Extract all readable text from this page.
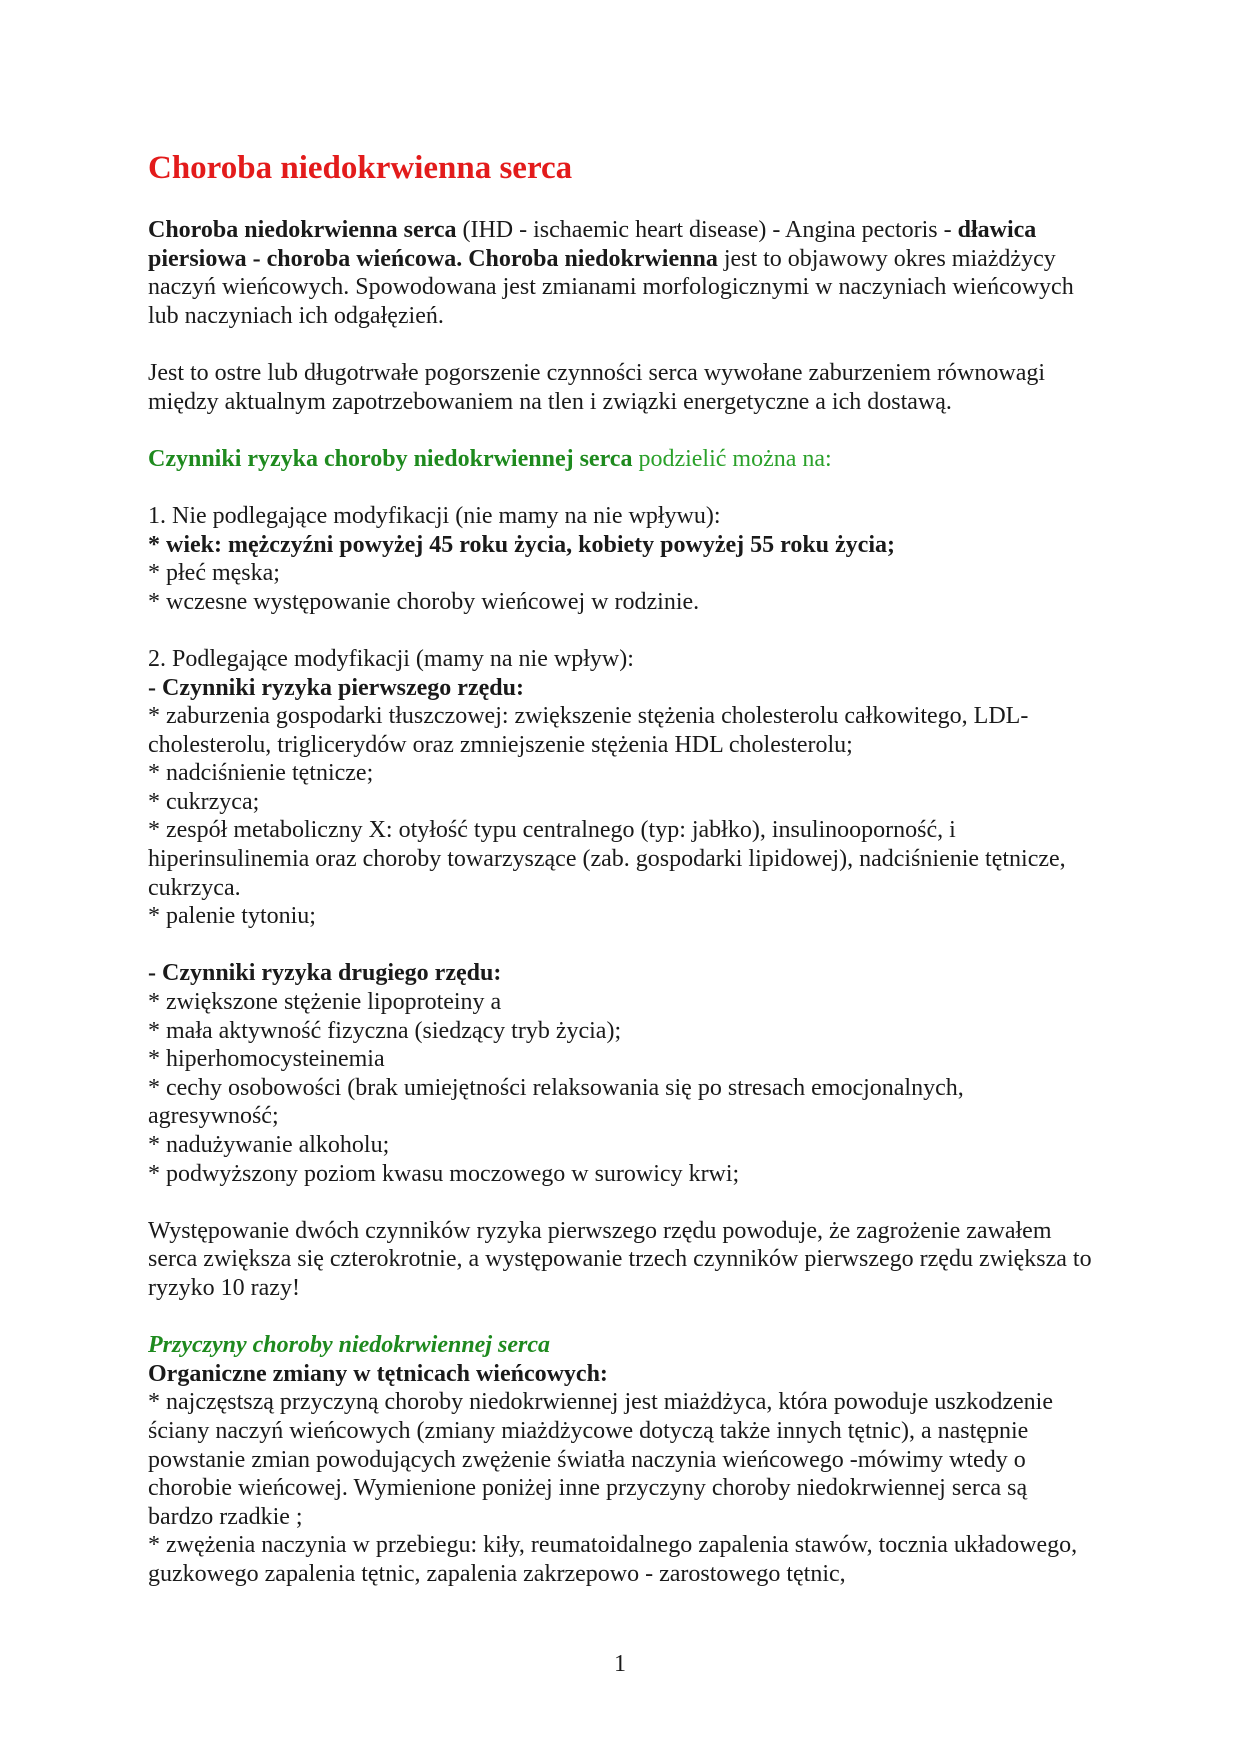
Choroba niedokrwienna serca

Choroba niedokrwienna serca (IHD - ischaemic heart disease) - Angina pectoris - dławica piersiowa - choroba wieńcowa. Choroba niedokrwienna jest to objawowy okres miażdżycy naczyń wieńcowych. Spowodowana jest zmianami morfologicznymi w naczyniach wieńcowych lub naczyniach ich odgałęzień.

Jest to ostre lub długotrwałe pogorszenie czynności serca wywołane zaburzeniem równowagi między aktualnym zapotrzebowaniem na tlen i związki energetyczne a ich dostawą.

Czynniki ryzyka choroby niedokrwiennej serca podzielić można na:

1. Nie podlegające modyfikacji (nie mamy na nie wpływu):
* wiek: mężczyźni powyżej 45 roku życia, kobiety powyżej 55 roku życia;
* płeć męska;
* wczesne występowanie choroby wieńcowej w rodzinie.

2. Podlegające modyfikacji (mamy na nie wpływ):
- Czynniki ryzyka pierwszego rzędu:
* zaburzenia gospodarki tłuszczowej: zwiększenie stężenia cholesterolu całkowitego, LDL-cholesterolu, triglicerydów oraz zmniejszenie stężenia HDL cholesterolu;
* nadciśnienie tętnicze;
* cukrzyca;
* zespół metaboliczny X: otyłość typu centralnego (typ: jabłko), insulinooporność, i hiperinsulinemia oraz choroby towarzyszące (zab. gospodarki lipidowej), nadciśnienie tętnicze, cukrzyca.
* palenie tytoniu;

- Czynniki ryzyka drugiego rzędu:
* zwiększone stężenie lipoproteiny a
* mała aktywność fizyczna (siedzący tryb życia);
* hiperhomocysteinemia
* cechy osobowości (brak umiejętności relaksowania się po stresach emocjonalnych, agresywność;
* nadużywanie alkoholu;
* podwyższony poziom kwasu moczowego w surowicy krwi;

Występowanie dwóch czynników ryzyka pierwszego rzędu powoduje, że zagrożenie zawałem serca zwiększa się czterokrotnie, a występowanie trzech czynników pierwszego rzędu zwiększa to ryzyko 10 razy!

Przyczyny choroby niedokrwiennej serca
Organiczne zmiany w tętnicach wieńcowych:
* najczęstszą przyczyną choroby niedokrwiennej jest miażdżyca, która powoduje uszkodzenie ściany naczyń wieńcowych (zmiany miażdżycowe dotyczą także innych tętnic), a następnie powstanie zmian powodujących zwężenie światła naczynia wieńcowego -mówimy wtedy o chorobie wieńcowej. Wymienione poniżej inne przyczyny choroby niedokrwiennej serca są bardzo rzadkie ;
* zwężenia naczynia w przebiegu: kiły, reumatoidalnego zapalenia stawów, tocznia układowego, guzkowego zapalenia tętnic, zapalenia zakrzepowo - zarostowego tętnic,

1
